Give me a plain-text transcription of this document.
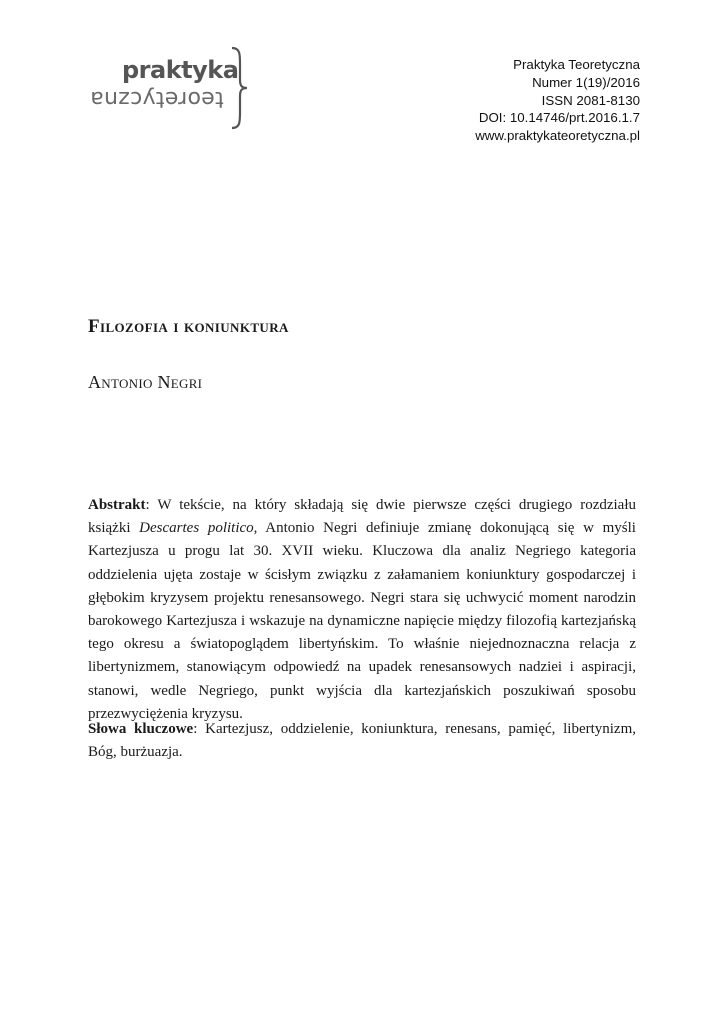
praktyka
teoretyczna
Praktyka Teoretyczna
Numer 1(19)/2016
ISSN 2081-8130
DOI: 10.14746/prt.2016.1.7
www.praktykateoretyczna.pl
Filozofia i koniunktura
Antonio Negri

Abstrakt: W tekście, na który składają się dwie pierwsze części drugiego rozdziału książki Descartes politico, Antonio Negri definiuje zmianę dokonującą się w myśli Kartezjusza u progu lat 30. XVII wieku. Kluczowa dla analiz Negriego kategoria oddzielenia ujęta zostaje w ścisłym związku z załamaniem koniunktury gospodarczej i głębokim kryzysem projektu renesansowego. Negri stara się uchwycić moment narodzin barokowego Kartezjusza i wskazuje na dynamiczne napięcie między filozofią kartezjańską tego okresu a światopoglądem libertyńskim. To właśnie niejednoznaczna relacja z libertynizmem, stanowiącym odpowiedź na upadek renesansowych nadziei i aspiracji, stanowi, wedle Negriego, punkt wyjścia dla kartezjańskich poszukiwań sposobu przezwyciężenia kryzysu.

Słowa kluczowe: Kartezjusz, oddzielenie, koniunktura, renesans, pamięć, libertynizm, Bóg, burżuazja.
